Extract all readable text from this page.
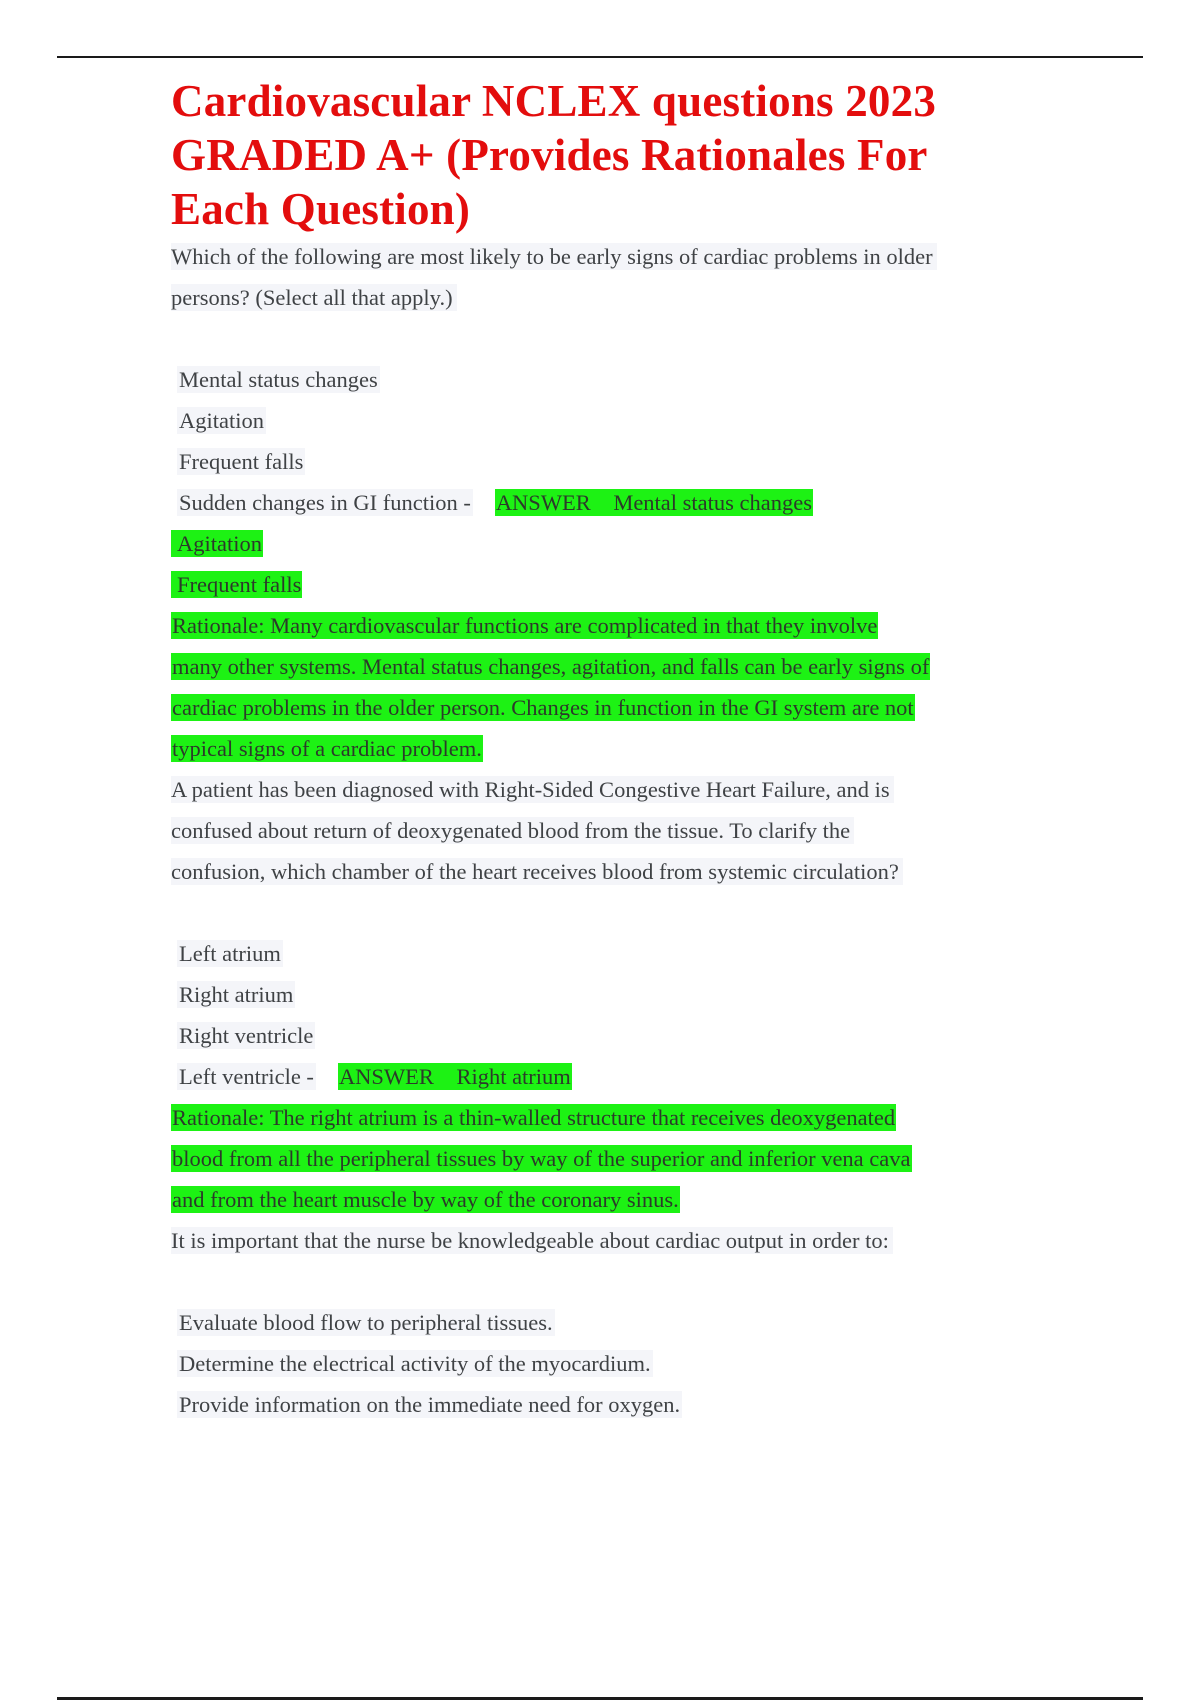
Cardiovascular NCLEX questions 2023
GRADED A+ (Provides Rationales For
Each Question)
Which of the following are most likely to be early signs of cardiac problems in older
persons? (Select all that apply.)
Mental status changes
Agitation
Frequent falls
Sudden changes in GI function - ANSWER Mental status changes
Agitation
Frequent falls
Rationale: Many cardiovascular functions are complicated in that they involve
many other systems. Mental status changes, agitation, and falls can be early signs of
cardiac problems in the older person. Changes in function in the GI system are not
typical signs of a cardiac problem.
A patient has been diagnosed with Right-Sided Congestive Heart Failure, and is
confused about return of deoxygenated blood from the tissue. To clarify the
confusion, which chamber of the heart receives blood from systemic circulation?
Left atrium
Right atrium
Right ventricle
Left ventricle - ANSWER Right atrium
Rationale: The right atrium is a thin-walled structure that receives deoxygenated
blood from all the peripheral tissues by way of the superior and inferior vena cava
and from the heart muscle by way of the coronary sinus.
It is important that the nurse be knowledgeable about cardiac output in order to:
Evaluate blood flow to peripheral tissues.
Determine the electrical activity of the myocardium.
Provide information on the immediate need for oxygen.
